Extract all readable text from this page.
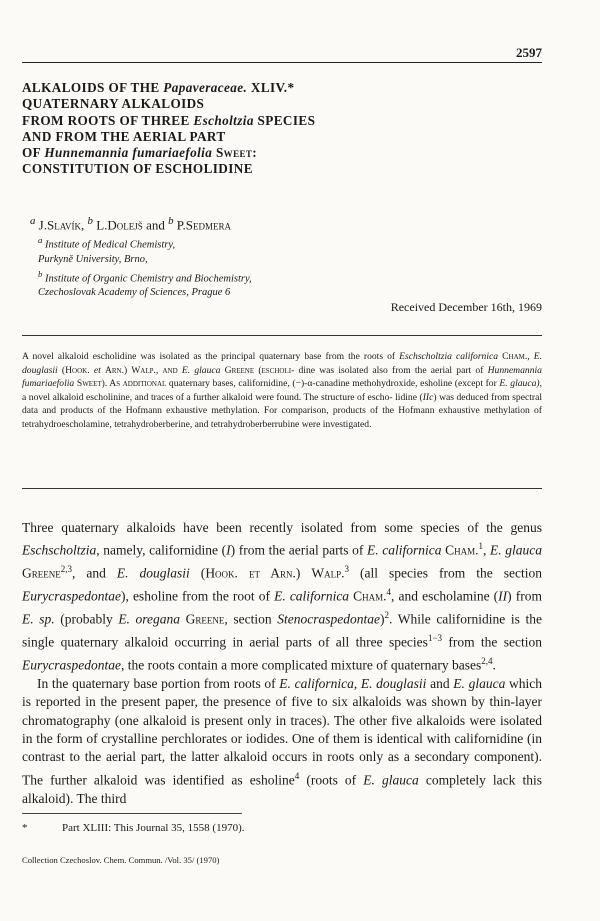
2597
ALKALOIDS OF THE Papaveraceae. XLIV.*
QUATERNARY ALKALOIDS
FROM ROOTS OF THREE Escholtzia SPECIES
AND FROM THE AERIAL PART
OF Hunnemannia fumariaefolia Sweet:
CONSTITUTION OF ESCHOLIDINE
$^a$ J.Slavík, $^b$ L.Dolejš and $^b$ P.Sedmera
$^a$ Institute of Medical Chemistry,
Purkyně University, Brno,
$^b$ Institute of Organic Chemistry and Biochemistry,
Czechoslovak Academy of Sciences, Prague 6
Received December 16th, 1969
A novel alkaloid escholidine was isolated as the principal quaternary base from the roots of Eschscholtzia californica Cham., E. douglasii (Hook. et Arn.) Walp., and E. glauca Greene (escholi- dine was isolated also from the aerial part of Hunnemannia fumariaefolia Sweet). As additional quaternary bases, californidine, (−)-α-canadine methohydroxide, esholine (except for E. glauca), a novel alkaloid escholinine, and traces of a further alkaloid were found. The structure of escho- lidine (IIc) was deduced from spectral data and products of the Hofmann exhaustive methylation. For comparison, products of the Hofmann exhaustive methylation of tetrahydroescholamine, tetrahydroberberine, and tetrahydroberberrubine were investigated.

Three quaternary alkaloids have been recently isolated from some species of the genus Eschscholtzia, namely, californidine (I) from the aerial parts of E. californica Cham.$^1$, E. glauca Greene$^{2,3}$, and E. douglasii (Hook. et Arn.) Walp.$^3$ (all species from the section Eurycraspedontae), esholine from the root of E. californica Cham.$^4$, and escholamine (II) from E. sp. (probably E. oregana Greene, section Stenocraspedontae)$^2$. While californidine is the single quaternary alkaloid occurring in aerial parts of all three species$^{1-3}$ from the section Eurycraspedontae, the roots contain a more complicated mixture of quaternary bases$^{2,4}$.

In the quaternary base portion from roots of E. californica, E. douglasii and E. glauca which is reported in the present paper, the presence of five to six alkaloids was shown by thin-layer chromatography (one alkaloid is present only in traces). The other five alkaloids were isolated in the form of crystalline perchlorates or iodides. One of them is identical with californidine (in contrast to the aerial part, the latter alkaloid occurs in roots only as a secondary component). The further alkaloid was identified as esholine$^4$ (roots of E. glauca completely lack this alkaloid). The third

*	Part XLIII: This Journal 35, 1558 (1970).
Collection Czechoslov. Chem. Commun. /Vol. 35/ (1970)
